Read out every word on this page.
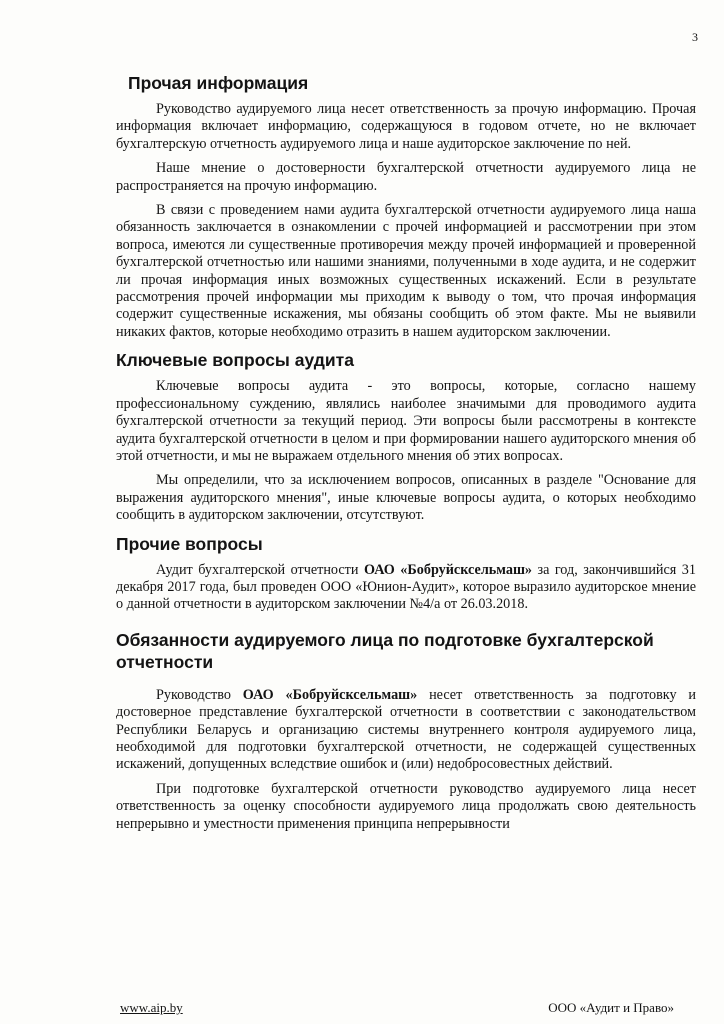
3
Прочая информация

Руководство аудируемого лица несет ответственность за прочую информацию. Прочая информация включает информацию, содержащуюся в годовом отчете, но не включает бухгалтерскую отчетность аудируемого лица и наше аудиторское заключение по ней.

Наше мнение о достоверности бухгалтерской отчетности аудируемого лица не распространяется на прочую информацию.

В связи с проведением нами аудита бухгалтерской отчетности аудируемого лица наша обязанность заключается в ознакомлении с прочей информацией и рассмотрении при этом вопроса, имеются ли существенные противоречия между прочей информацией и проверенной бухгалтерской отчетностью или нашими знаниями, полученными в ходе аудита, и не содержит ли прочая информация иных возможных существенных искажений. Если в результате рассмотрения прочей информации мы приходим к выводу о том, что прочая информация содержит существенные искажения, мы обязаны сообщить об этом факте. Мы не выявили никаких фактов, которые необходимо отразить в нашем аудиторском заключении.

Ключевые вопросы аудита

Ключевые вопросы аудита - это вопросы, которые, согласно нашему профессиональному суждению, являлись наиболее значимыми для проводимого аудита бухгалтерской отчетности за текущий период. Эти вопросы были рассмотрены в контексте аудита бухгалтерской отчетности в целом и при формировании нашего аудиторского мнения об этой отчетности, и мы не выражаем отдельного мнения об этих вопросах.

Мы определили, что за исключением вопросов, описанных в разделе "Основание для выражения аудиторского мнения", иные ключевые вопросы аудита, о которых необходимо сообщить в аудиторском заключении, отсутствуют.

Прочие вопросы

Аудит бухгалтерской отчетности ОАО «Бобруйсксельмаш» за год, закончившийся 31 декабря 2017 года, был проведен ООО «Юнион-Аудит», которое выразило аудиторское мнение о данной отчетности в аудиторском заключении №4/а от 26.03.2018.

Обязанности аудируемого лица по подготовке бухгалтерской отчетности

Руководство ОАО «Бобруйсксельмаш» несет ответственность за подготовку и достоверное представление бухгалтерской отчетности в соответствии с законодательством Республики Беларусь и организацию системы внутреннего контроля аудируемого лица, необходимой для подготовки бухгалтерской отчетности, не содержащей существенных искажений, допущенных вследствие ошибок и (или) недобросовестных действий.

При подготовке бухгалтерской отчетности руководство аудируемого лица несет ответственность за оценку способности аудируемого лица продолжать свою деятельность непрерывно и уместности применения принципа непрерывности

www.aip.by	ООО «Аудит и Право»
